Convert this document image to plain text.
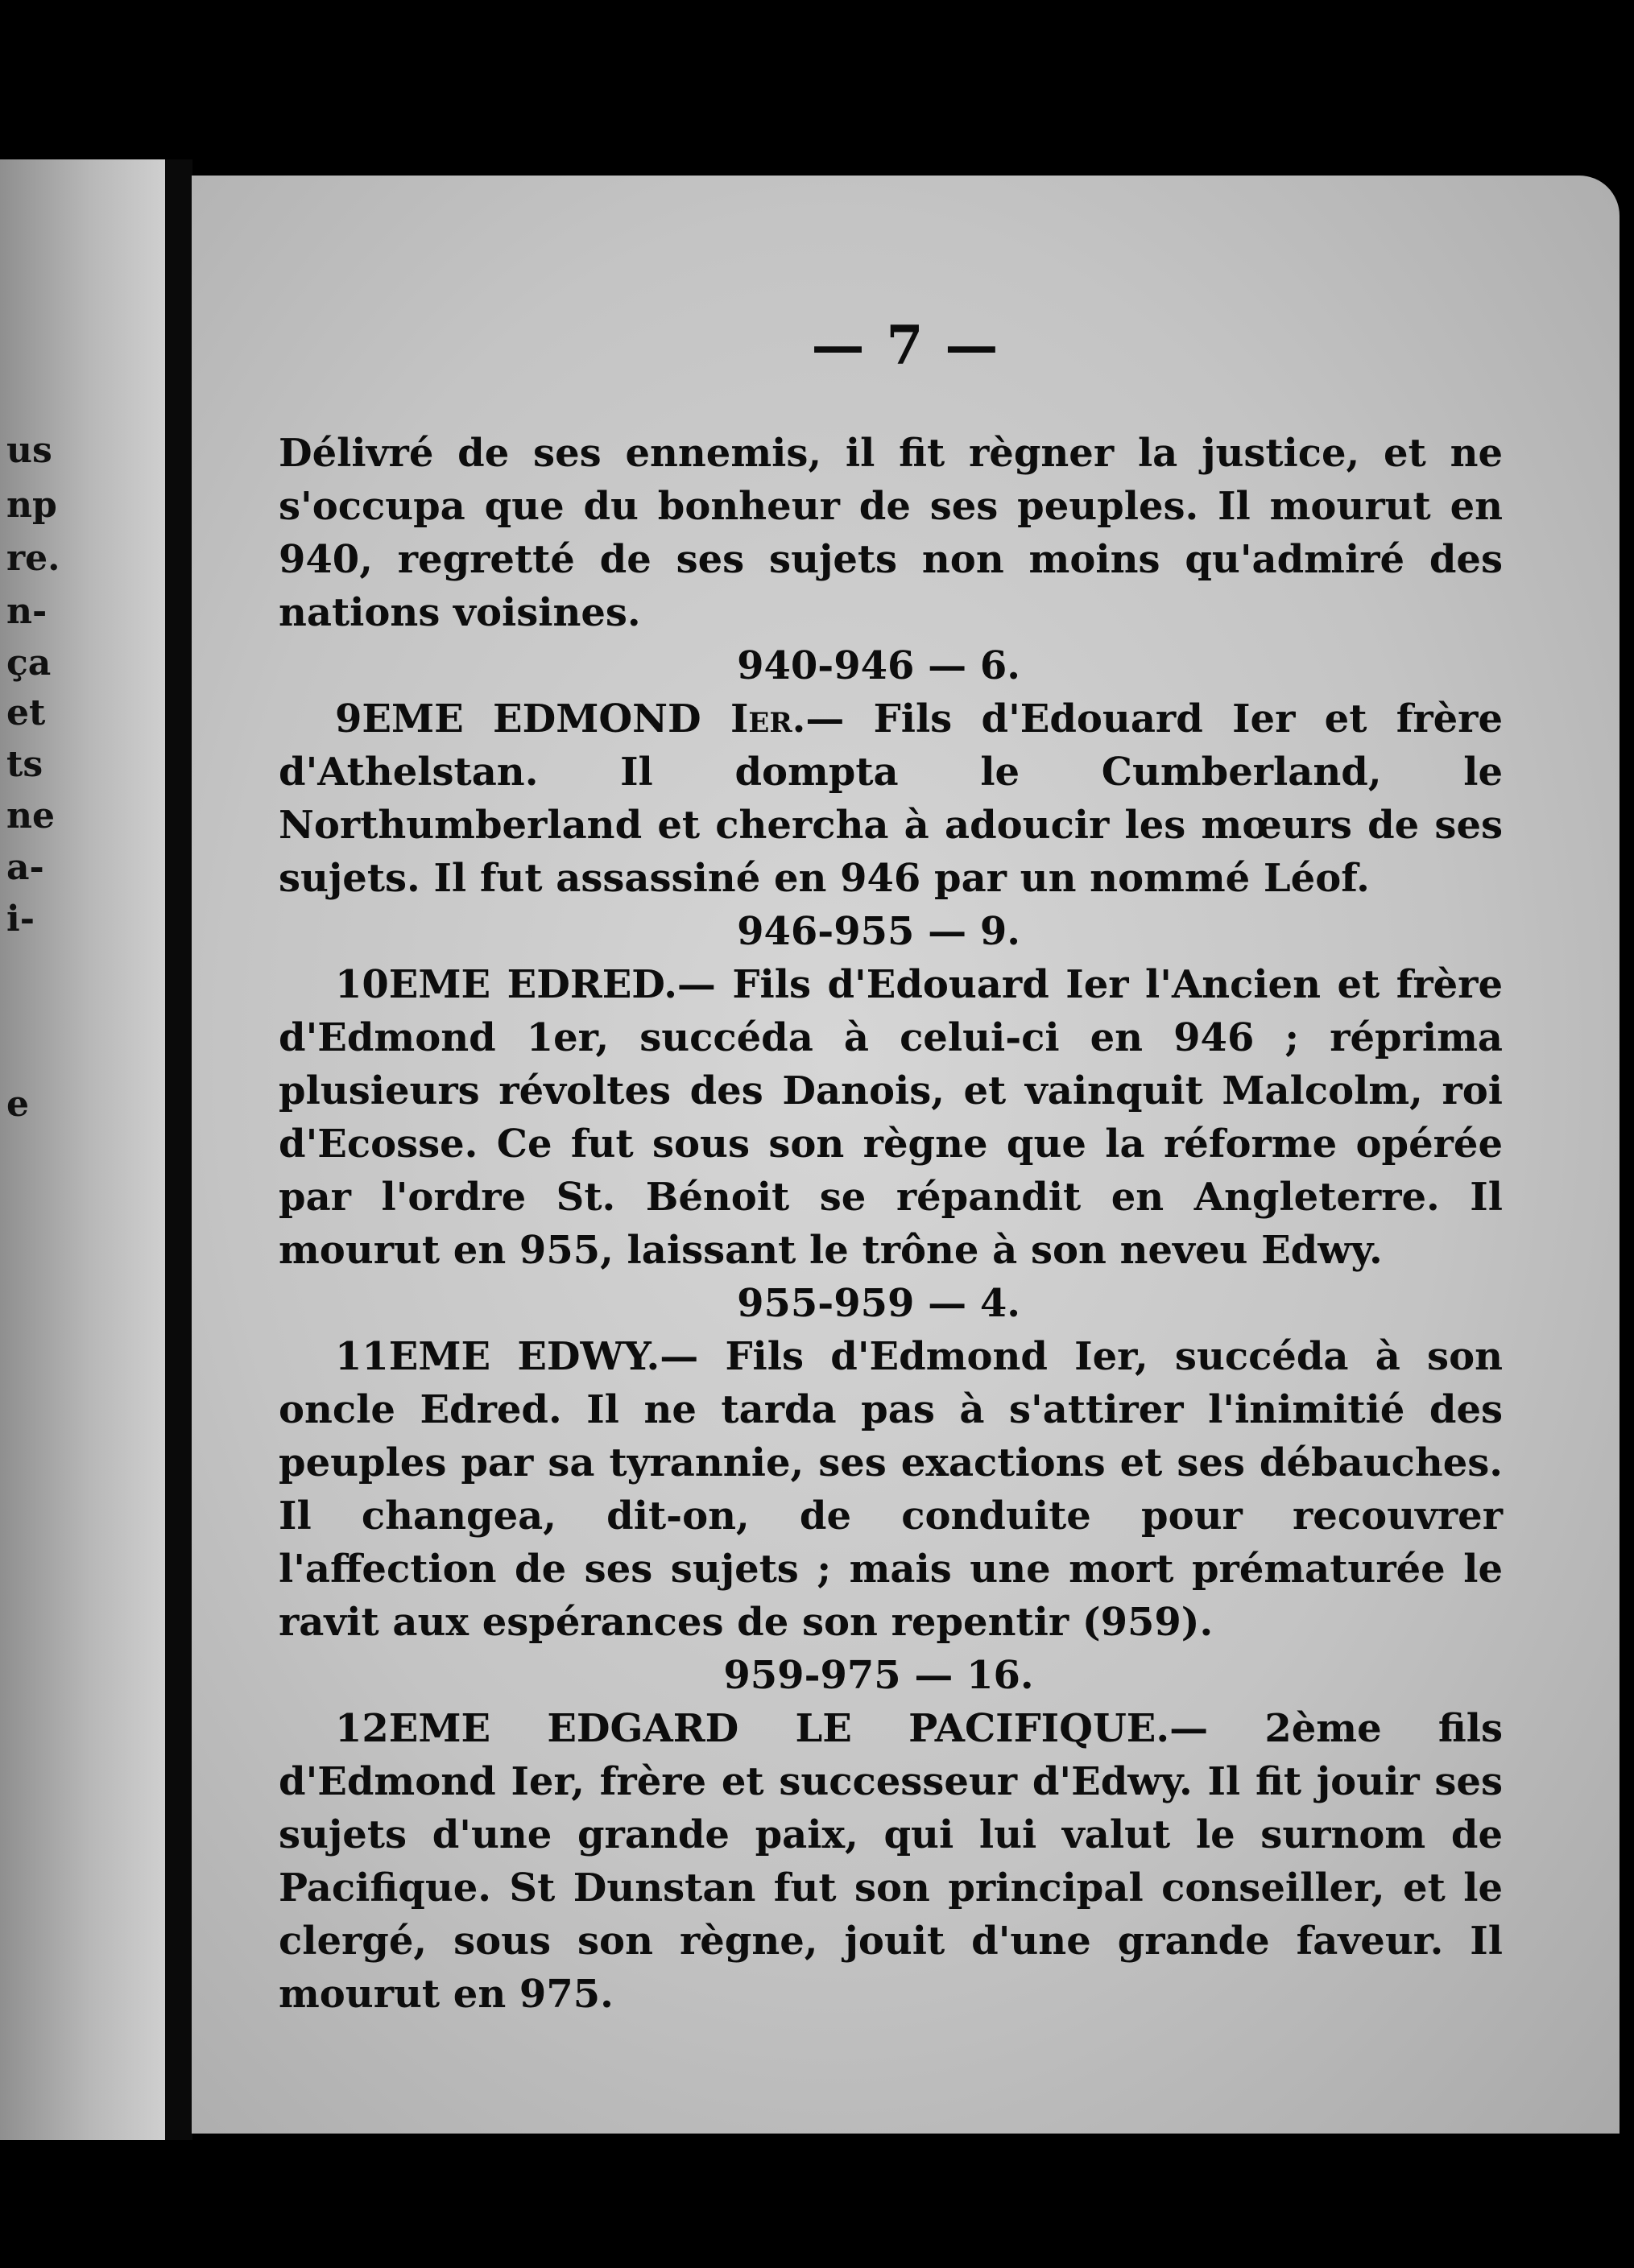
us
np
re.
n-
ça
et
ts
ne
a-
i-
e
— 7 —

Délivré de ses ennemis, il fit règner la justice, et ne s'occupa que du bonheur de ses peuples. Il mourut en 940, regretté de ses sujets non moins qu'admiré des nations voisines.

940-946 — 6.

9EME EDMOND Ier.— Fils d'Edouard Ier et frère d'Athelstan. Il dompta le Cumberland, le Northumberland et chercha à adoucir les mœurs de ses sujets. Il fut assassiné en 946 par un nommé Léof.

946-955 — 9.

10EME EDRED.— Fils d'Edouard Ier l'Ancien et frère d'Edmond 1er, succéda à celui-ci en 946 ; réprima plusieurs révoltes des Danois, et vainquit Malcolm, roi d'Ecosse. Ce fut sous son règne que la réforme opérée par l'ordre St. Bénoit se répandit en Angleterre. Il mourut en 955, laissant le trône à son neveu Edwy.

955-959 — 4.

11EME EDWY.— Fils d'Edmond Ier, succéda à son oncle Edred. Il ne tarda pas à s'attirer l'inimitié des peuples par sa tyrannie, ses exactions et ses débauches. Il changea, dit-on, de conduite pour recouvrer l'affection de ses sujets ; mais une mort prématurée le ravit aux espérances de son repentir (959).

959-975 — 16.

12EME EDGARD LE PACIFIQUE.— 2ème fils d'Edmond Ier, frère et successeur d'Edwy. Il fit jouir ses sujets d'une grande paix, qui lui valut le surnom de Pacifique. St Dunstan fut son principal conseiller, et le clergé, sous son règne, jouit d'une grande faveur. Il mourut en 975.
